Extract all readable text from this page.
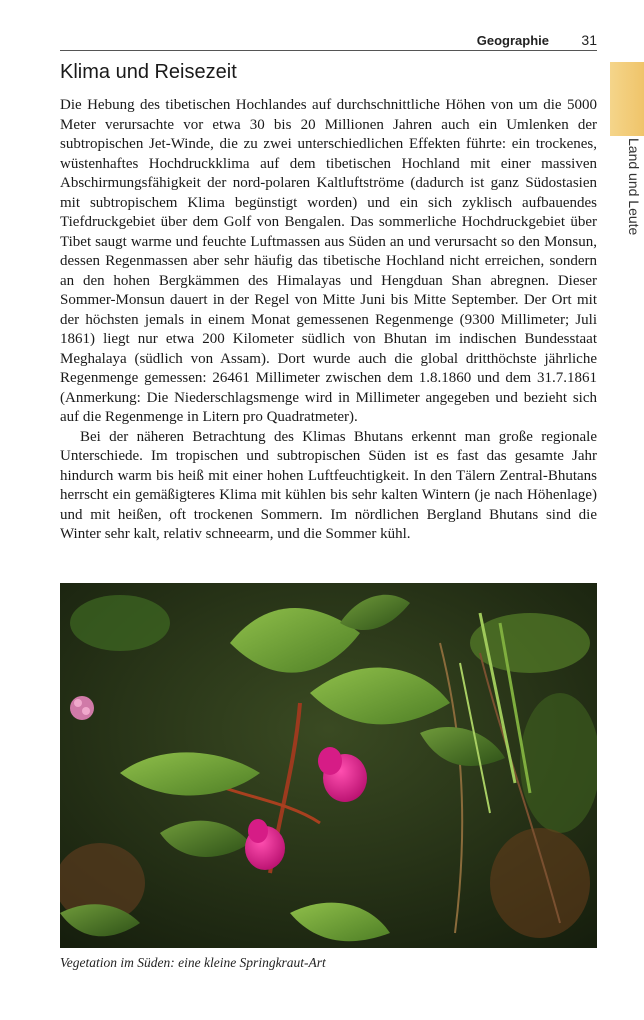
Geographie 31
Land und Leute
Klima und Reisezeit

Die Hebung des tibetischen Hochlandes auf durchschnittliche Höhen von um die 5000 Meter verursachte vor etwa 30 bis 20 Millionen Jahren auch ein Umlenken der subtropischen Jet-Winde, die zu zwei unterschiedlichen Effekten führte: ein trockenes, wüstenhaftes Hochdruckklima auf dem tibetischen Hochland mit einer massiven Abschirmungsfähigkeit der nord-polaren Kaltluftströme (dadurch ist ganz Südostasien mit subtropischem Klima begünstigt worden) und ein sich zyklisch aufbauendes Tiefdruckgebiet über dem Golf von Bengalen. Das sommerliche Hochdruckgebiet über Tibet saugt warme und feuchte Luftmassen aus Süden an und verursacht so den Monsun, dessen Regenmassen aber sehr häufig das tibetische Hochland nicht erreichen, sondern an den hohen Bergkämmen des Himalayas und Hengduan Shan abregnen. Dieser Sommer-Monsun dauert in der Regel von Mitte Juni bis Mitte September. Der Ort mit der höchsten jemals in einem Monat gemessenen Regenmenge (9300 Millimeter; Juli 1861) liegt nur etwa 200 Kilometer südlich von Bhutan im indischen Bundesstaat Meghalaya (südlich von Assam). Dort wurde auch die global dritthöchste jährliche Regenmenge gemessen: 26461 Millimeter zwischen dem 1.8.1860 und dem 31.7.1861 (Anmerkung: Die Niederschlagsmenge wird in Millimeter angegeben und bezieht sich auf die Regenmenge in Litern pro Quadratmeter).

Bei der näheren Betrachtung des Klimas Bhutans erkennt man große regionale Unterschiede. Im tropischen und subtropischen Süden ist es fast das gesamte Jahr hindurch warm bis heiß mit einer hohen Luftfeuchtigkeit. In den Tälern Zentral-Bhutans herrscht ein gemäßigteres Klima mit kühlen bis sehr kalten Wintern (je nach Höhenlage) und mit heißen, oft trockenen Sommern. Im nördlichen Bergland Bhutans sind die Winter sehr kalt, relativ schneearm, und die Sommer kühl.

Vegetation im Süden: eine kleine Springkraut-Art
